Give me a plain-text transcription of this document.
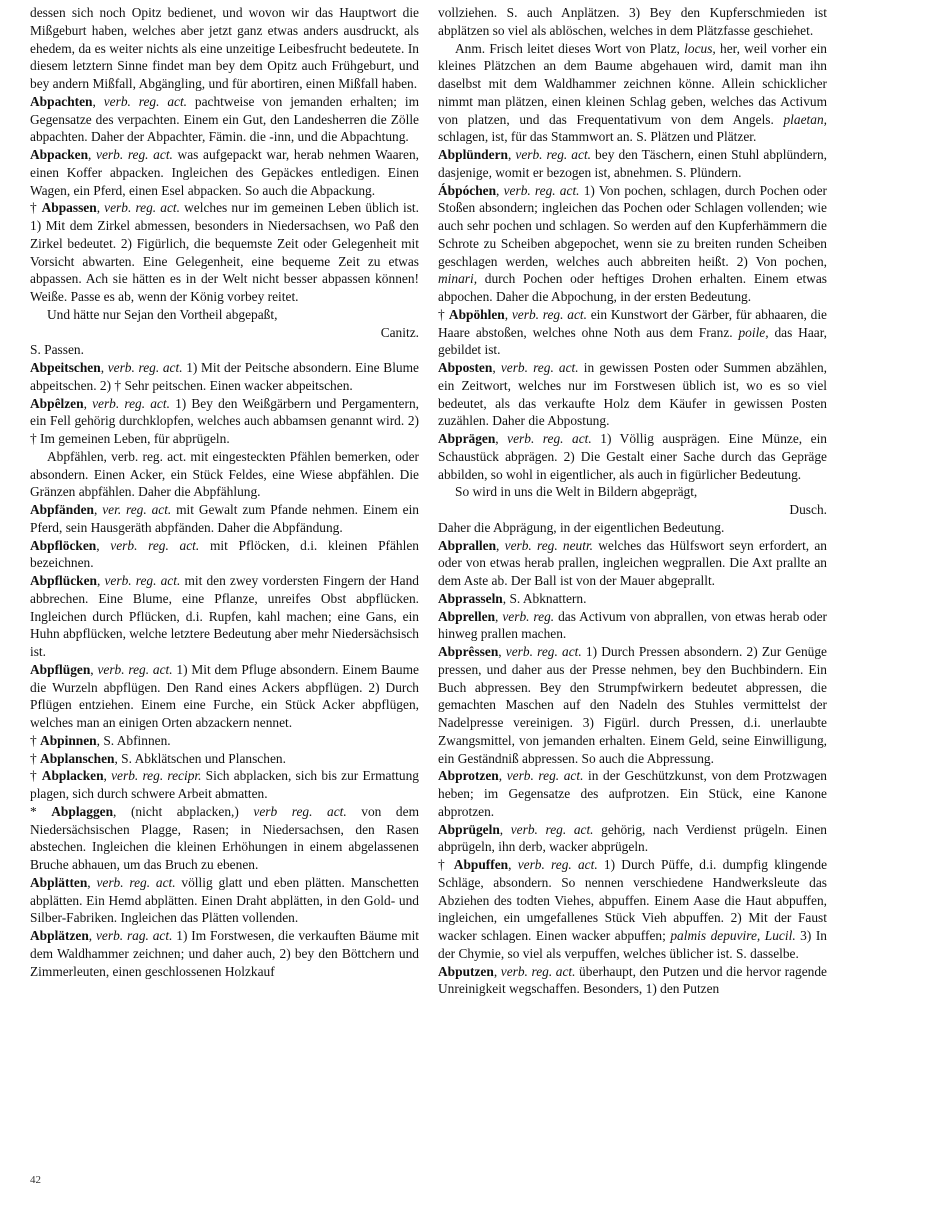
dessen sich noch Opitz bedienet, und wovon wir das Hauptwort die Mißgeburt haben, welches aber jetzt ganz etwas anders ausdruckt, als ehedem, da es weiter nichts als eine unzeitige Leibesfrucht bedeutete. In diesem letztern Sinne findet man bey dem Opitz auch Frühgeburt, und bey andern Mißfall, Abgängling, und für abortiren, einen Mißfall haben.

Abpachten, verb. reg. act. pachtweise von jemanden erhalten; im Gegensatze des verpachten. Einem ein Gut, den Landesherren die Zölle abpachten. Daher der Abpachter, Fämin. die -inn, und die Abpachtung.

Abpacken, verb. reg. act. was aufgepackt war, herab nehmen Waaren, einen Koffer abpacken. Ingleichen des Gepäckes entledigen. Einen Wagen, ein Pferd, einen Esel abpacken. So auch die Abpackung.

† Abpassen, verb. reg. act. welches nur im gemeinen Leben üblich ist. 1) Mit dem Zirkel abmessen, besonders in Niedersachsen, wo Paß den Zirkel bedeutet. 2) Figürlich, die bequemste Zeit oder Gelegenheit mit Vorsicht abwarten. Eine Gelegenheit, eine bequeme Zeit zu etwas abpassen. Ach sie hätten es in der Welt nicht besser abpassen können! Weiße. Passe es ab, wenn der König vorbey reitet.

Und hätte nur Sejan den Vortheil abgepaßt,

Canitz.

S. Passen.

Abpeitschen, verb. reg. act. 1) Mit der Peitsche absondern. Eine Blume abpeitschen. 2) † Sehr peitschen. Einen wacker abpeitschen.

Abpêlzen, verb. reg. act. 1) Bey den Weißgärbern und Pergamentern, ein Fell gehörig durchklopfen, welches auch abbamsen genannt wird. 2) † Im gemeinen Leben, für abprügeln.

Abpfählen, verb. reg. act. mit eingesteckten Pfählen bemerken, oder absondern. Einen Acker, ein Stück Feldes, eine Wiese abpfählen. Die Gränzen abpfählen. Daher die Abpfählung.

Abpfänden, ver. reg. act. mit Gewalt zum Pfande nehmen. Einem ein Pferd, sein Hausgeräth abpfänden. Daher die Abpfändung.

Abpflöcken, verb. reg. act. mit Pflöcken, d.i. kleinen Pfählen bezeichnen.

Abpflücken, verb. reg. act. mit den zwey vordersten Fingern der Hand abbrechen. Eine Blume, eine Pflanze, unreifes Obst abpflücken. Ingleichen durch Pflücken, d.i. Rupfen, kahl machen; eine Gans, ein Huhn abpflücken, welche letztere Bedeutung aber mehr Niedersächsisch ist.

Abpflügen, verb. reg. act. 1) Mit dem Pfluge absondern. Einem Baume die Wurzeln abpflügen. Den Rand eines Ackers abpflügen. 2) Durch Pflügen entziehen. Einem eine Furche, ein Stück Acker abpflügen, welches man an einigen Orten abzackern nennet.

† Abpinnen, S. Abfinnen.

† Abplanschen, S. Abklätschen und Planschen.

† Abplacken, verb. reg. recipr. Sich abplacken, sich bis zur Ermattung plagen, sich durch schwere Arbeit abmatten.

* Abplaggen, (nicht abplacken,) verb reg. act. von dem Niedersächsischen Plagge, Rasen; in Niedersachsen, den Rasen abstechen. Ingleichen die kleinen Erhöhungen in einem abgelassenen Bruche abhauen, um das Bruch zu ebenen.

Abplätten, verb. reg. act. völlig glatt und eben plätten. Manschetten abplätten. Ein Hemd abplätten. Einen Draht abplätten, in den Gold- und Silber-Fabriken. Ingleichen das Plätten vollenden.

Abplätzen, verb. rag. act. 1) Im Forstwesen, die verkauften Bäume mit dem Waldhammer zeichnen; und daher auch, 2) bey den Böttchern und Zimmerleuten, einen geschlossenen Holzkauf

vollziehen. S. auch Anplätzen. 3) Bey den Kupferschmieden ist abplätzen so viel als ablöschen, welches in dem Plätzfasse geschiehet.

Anm. Frisch leitet dieses Wort von Platz, locus, her, weil vorher ein kleines Plätzchen an dem Baume abgehauen wird, damit man ihn daselbst mit dem Waldhammer zeichnen könne. Allein schicklicher nimmt man plätzen, einen kleinen Schlag geben, welches das Activum von platzen, und das Frequentativum von dem Angels. plaetan, schlagen, ist, für das Stammwort an. S. Plätzen und Plätzer.

Abplündern, verb. reg. act. bey den Täschern, einen Stuhl abplündern, dasjenige, womit er bezogen ist, abnehmen. S. Plündern.

Ábpóchen, verb. reg. act. 1) Von pochen, schlagen, durch Pochen oder Stoßen absondern; ingleichen das Pochen oder Schlagen vollenden; wie auch sehr pochen und schlagen. So werden auf den Kupferhämmern die Schrote zu Scheiben abgepochet, wenn sie zu breiten runden Scheiben geschlagen werden, welches auch abbreiten heißt. 2) Von pochen, minari, durch Pochen oder heftiges Drohen erhalten. Einem etwas abpochen. Daher die Abpochung, in der ersten Bedeutung.

† Abpöhlen, verb. reg. act. ein Kunstwort der Gärber, für abhaaren, die Haare abstoßen, welches ohne Noth aus dem Franz. poile, das Haar, gebildet ist.

Abposten, verb. reg. act. in gewissen Posten oder Summen abzählen, ein Zeitwort, welches nur im Forstwesen üblich ist, wo es so viel bedeutet, als das verkaufte Holz dem Käufer in gewissen Posten zuzählen. Daher die Abpostung.

Abprägen, verb. reg. act. 1) Völlig ausprägen. Eine Münze, ein Schaustück abprägen. 2) Die Gestalt einer Sache durch das Gepräge abbilden, so wohl in eigentlicher, als auch in figürlicher Bedeutung.

So wird in uns die Welt in Bildern abgeprägt,

Dusch.

Daher die Abprägung, in der eigentlichen Bedeutung.

Abprallen, verb. reg. neutr. welches das Hülfswort seyn erfordert, an oder von etwas herab prallen, ingleichen wegprallen. Die Axt prallte an dem Aste ab. Der Ball ist von der Mauer abgeprallt.

Abprasseln, S. Abknattern.

Abprellen, verb. reg. das Activum von abprallen, von etwas herab oder hinweg prallen machen.

Abprêssen, verb. reg. act. 1) Durch Pressen absondern. 2) Zur Genüge pressen, und daher aus der Presse nehmen, bey den Buchbindern. Ein Buch abpressen. Bey den Strumpfwirkern bedeutet abpressen, die gemachten Maschen auf den Nadeln des Stuhles vermittelst der Nadelpresse vereinigen. 3) Figürl. durch Pressen, d.i. unerlaubte Zwangsmittel, von jemanden erhalten. Einem Geld, seine Einwilligung, ein Geständniß abpressen. So auch die Abpressung.

Abprotzen, verb. reg. act. in der Geschützkunst, von dem Protzwagen heben; im Gegensatze des aufprotzen. Ein Stück, eine Kanone abprotzen.

Abprügeln, verb. reg. act. gehörig, nach Verdienst prügeln. Einen abprügeln, ihn derb, wacker abprügeln.

† Abpuffen, verb. reg. act. 1) Durch Püffe, d.i. dumpfig klingende Schläge, absondern. So nennen verschiedene Handwerksleute das Abziehen des todten Viehes, abpuffen. Einem Aase die Haut abpuffen, ingleichen, ein umgefallenes Stück Vieh abpuffen. 2) Mit der Faust wacker schlagen. Einen wacker abpuffen; palmis depuvire, Lucil. 3) In der Chymie, so viel als verpuffen, welches üblicher ist. S. dasselbe.

Abputzen, verb. reg. act. überhaupt, den Putzen und die hervor ragende Unreinigkeit wegschaffen. Besonders, 1) den Putzen

42
